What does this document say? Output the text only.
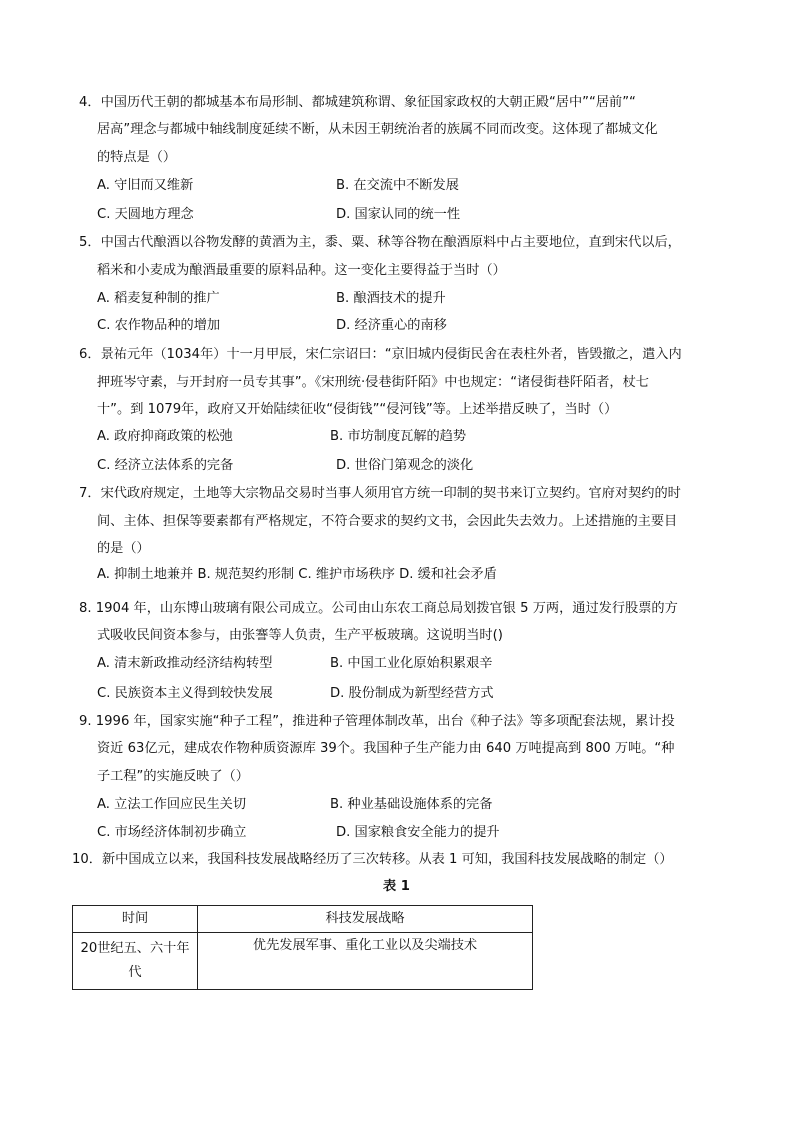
4．中国历代王朝的都城基本布局形制、都城建筑称谓、象征国家政权的大朝正殿“居中”“居前”“
居高”理念与都城中轴线制度延续不断，从未因王朝统治者的族属不同而改变。这体现了都城文化
的特点是（）
A. 守旧而又维新	B. 在交流中不断发展
C. 天圆地方理念	D. 国家认同的统一性
5．中国古代酿酒以谷物发酵的黄酒为主，黍、粟、秫等谷物在酿酒原料中占主要地位，直到宋代以后，
稻米和小麦成为酿酒最重要的原料品种。这一变化主要得益于当时（）
A. 稻麦复种制的推广	B. 酿酒技术的提升
C. 农作物品种的增加	D. 经济重心的南移
6．景祐元年（1034年）十一月甲辰，宋仁宗诏曰：“京旧城内侵街民舍在表柱外者，皆毁撤之，遣入内
押班岑守素，与开封府一员专其事”。《宋刑统·侵巷街阡陌》中也规定：“诸侵街巷阡陌者，杖七
十”。到 1079年，政府又开始陆续征收“侵街钱”“侵河钱”等。上述举措反映了，当时（）
A. 政府抑商政策的松弛	B. 市坊制度瓦解的趋势
C. 经济立法体系的完备	D. 世俗门第观念的淡化
7．宋代政府规定，土地等大宗物品交易时当事人须用官方统一印制的契书来订立契约。官府对契约的时
间、主体、担保等要素都有严格规定，不符合要求的契约文书，会因此失去效力。上述措施的主要目
的是（）
A. 抑制土地兼并 B. 规范契约形制 C. 维护市场秩序 D. 缓和社会矛盾
8. 1904 年，山东博山玻璃有限公司成立。公司由山东农工商总局划拨官银 5 万两，通过发行股票的方
式吸收民间资本参与，由张謇等人负责，生产平板玻璃。这说明当时()
A. 清末新政推动经济结构转型	B. 中国工业化原始积累艰辛
C. 民族资本主义得到较快发展	D. 股份制成为新型经营方式
9. 1996 年，国家实施“种子工程”，推进种子管理体制改革，出台《种子法》等多项配套法规，累计投
资近 63亿元，建成农作物种质资源库 39个。我国种子生产能力由 640 万吨提高到 800 万吨。“种
子工程”的实施反映了（）
A. 立法工作回应民生关切	B. 种业基础设施体系的完备
C. 市场经济体制初步确立	D. 国家粮食安全能力的提升
10．新中国成立以来，我国科技发展战略经历了三次转移。从表 1 可知，我国科技发展战略的制定（）
表 1
时间	科技发展战略
20世纪五、六十年代	优先发展军事、重化工业以及尖端技术
